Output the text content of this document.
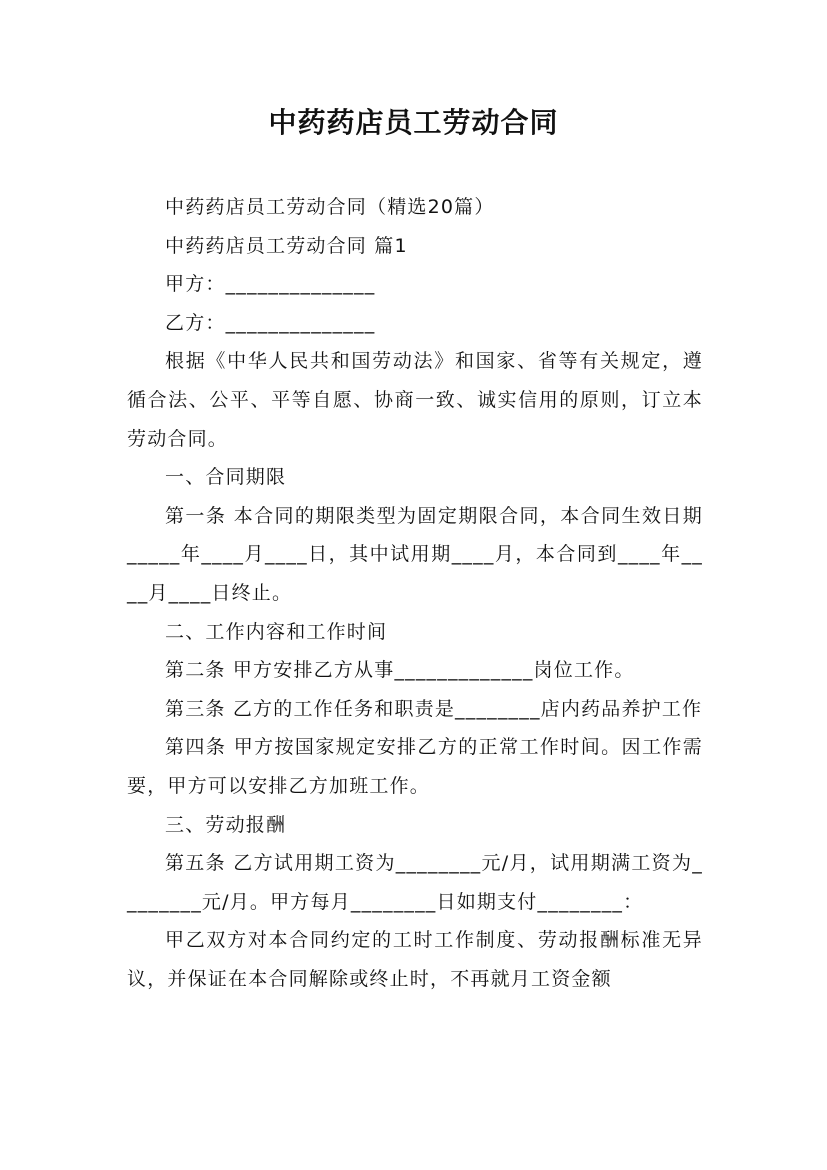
中药药店员工劳动合同

中药药店员工劳动合同（精选20篇）

中药药店员工劳动合同 篇1

甲方：______________

乙方：______________

根据《中华人民共和国劳动法》和国家、省等有关规定，遵循合法、公平、平等自愿、协商一致、诚实信用的原则，订立本劳动合同。

一、合同期限

第一条 本合同的期限类型为固定期限合同，本合同生效日期_____年____月____日，其中试用期____月，本合同到____年____月____日终止。

二、工作内容和工作时间

第二条 甲方安排乙方从事_____________岗位工作。

第三条 乙方的工作任务和职责是________店内药品养护工作

第四条 甲方按国家规定安排乙方的正常工作时间。因工作需要，甲方可以安排乙方加班工作。

三、劳动报酬

第五条 乙方试用期工资为________元/月，试用期满工资为________元/月。甲方每月________日如期支付________：

甲乙双方对本合同约定的工时工作制度、劳动报酬标准无异议，并保证在本合同解除或终止时，不再就月工资金额
